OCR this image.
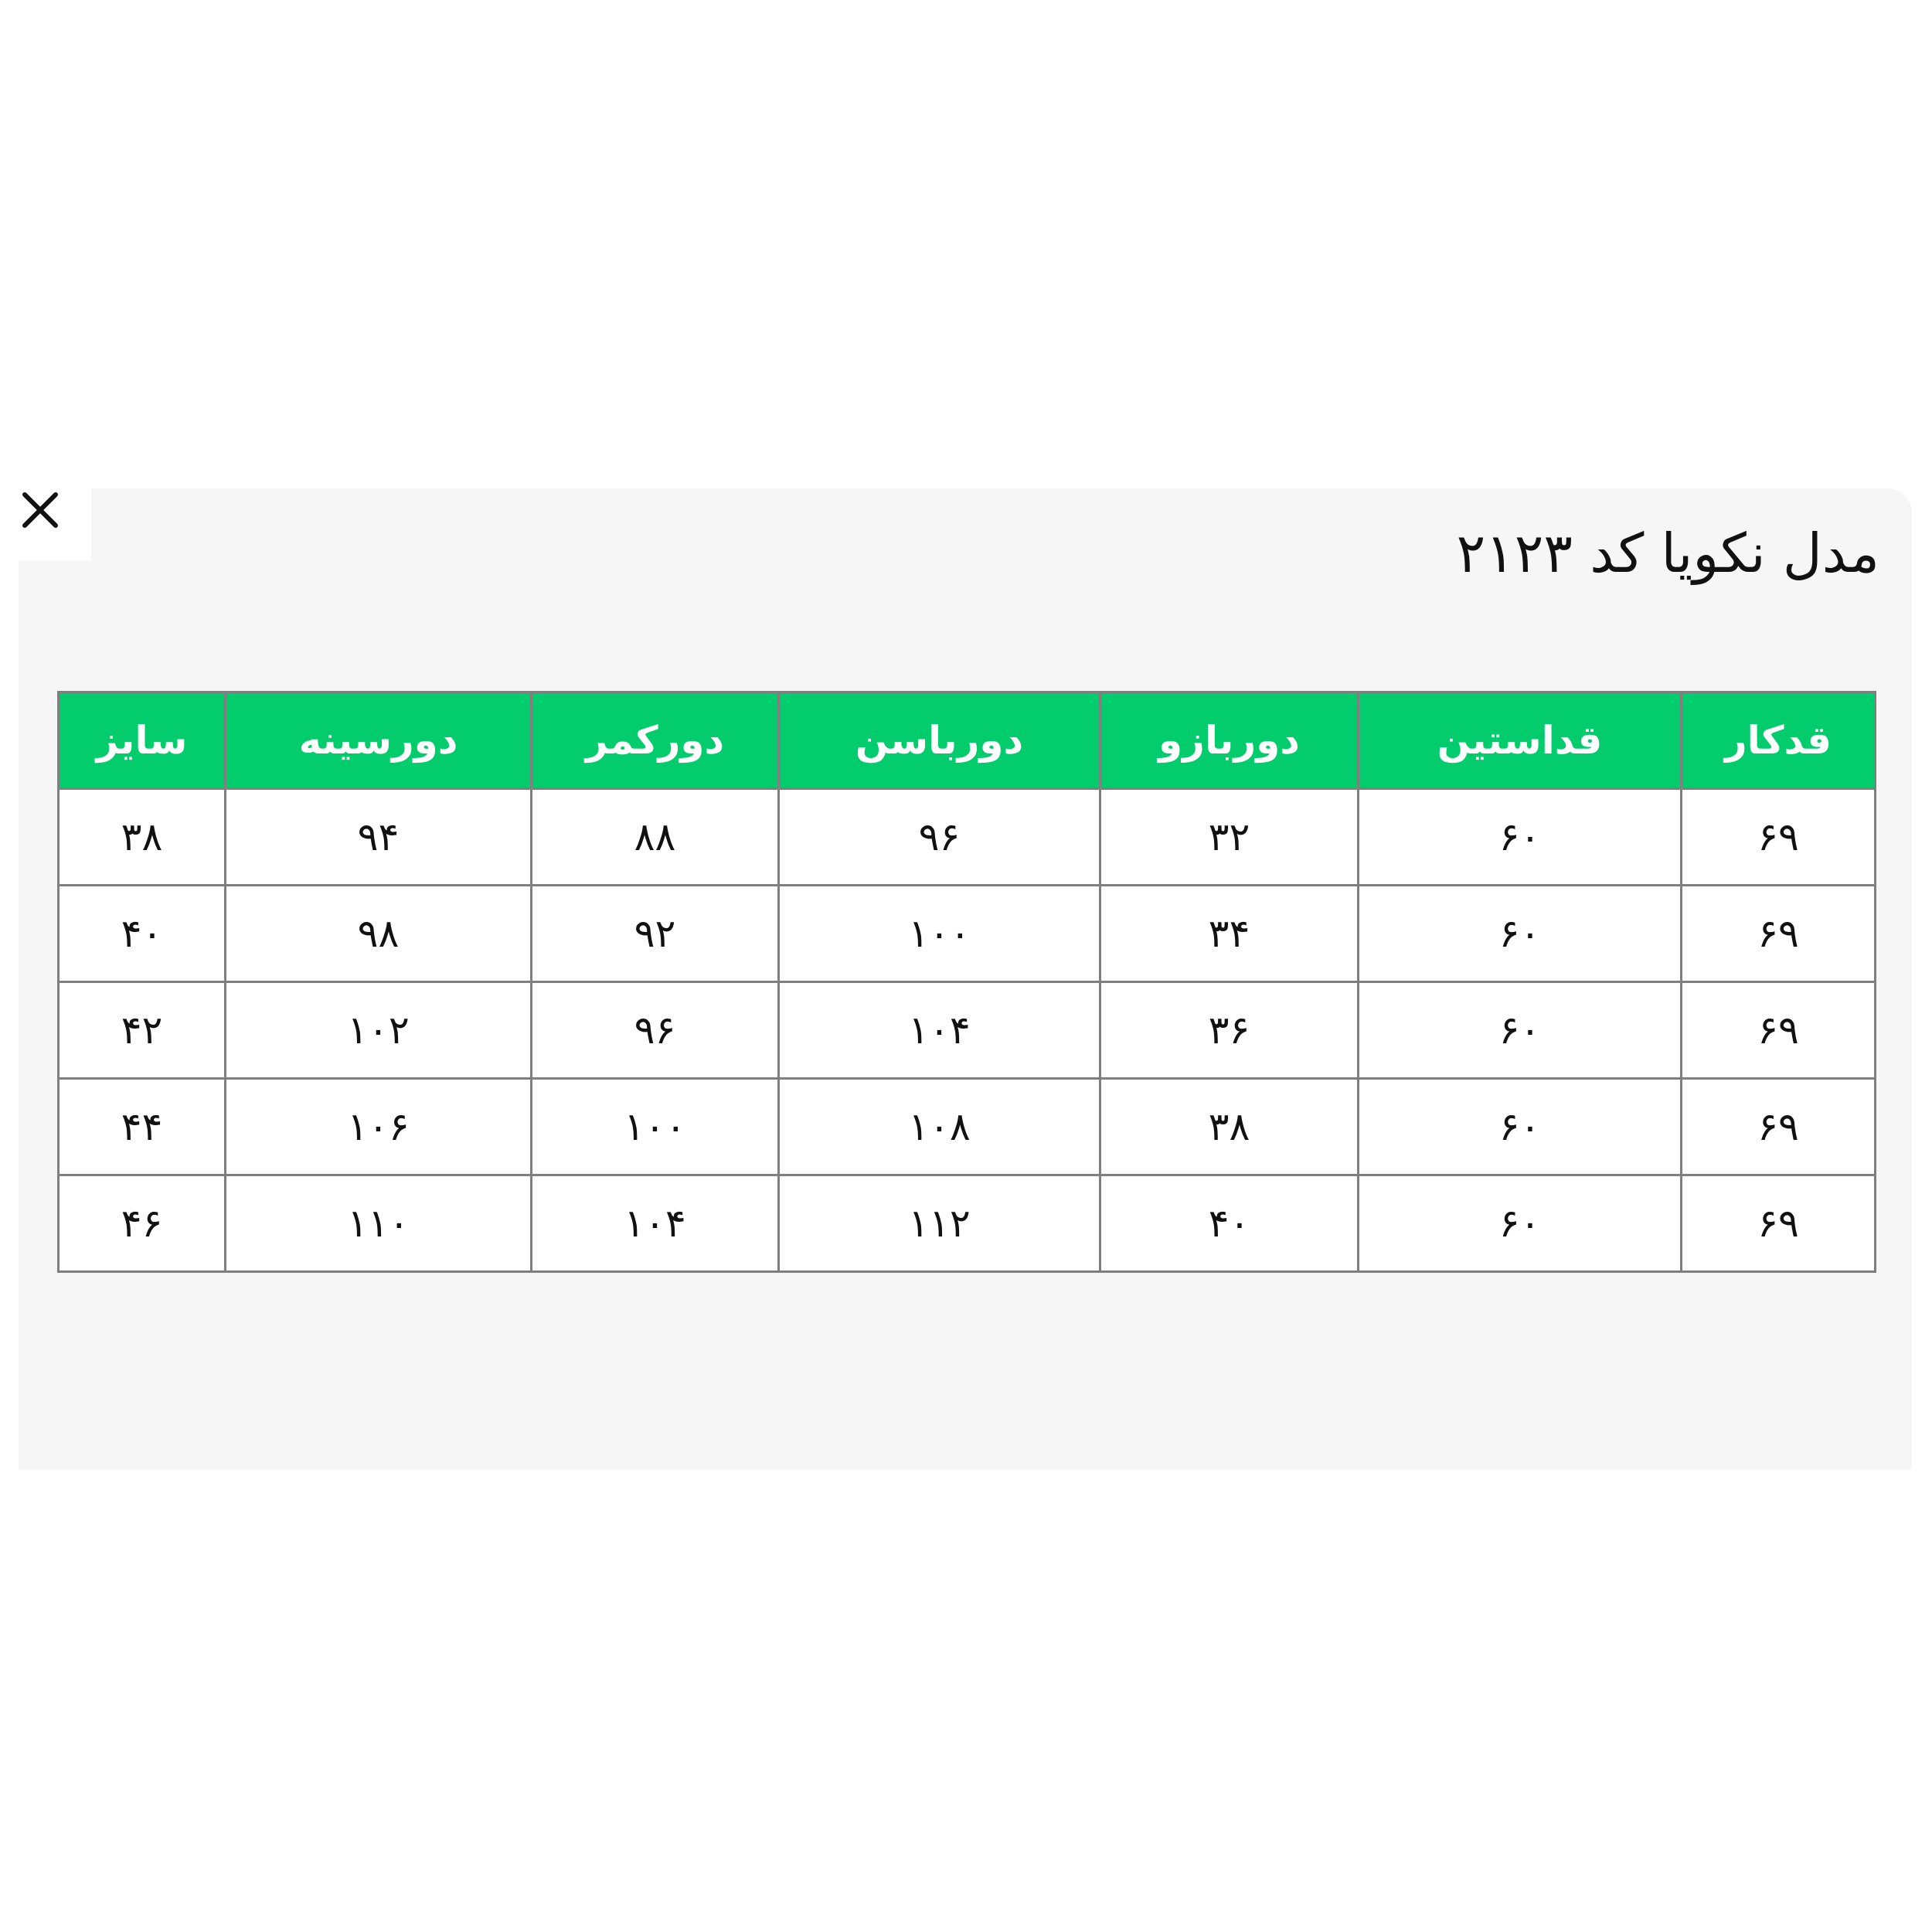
مدل نکویا کد ۲۱۲۳
قدکار	قداستین	دوربازو	دورباسن	دورکمر	دورسینه	سایز
۶۹	۶۰	۳۲	۹۶	۸۸	۹۴	۳۸
۶۹	۶۰	۳۴	۱۰۰	۹۲	۹۸	۴۰
۶۹	۶۰	۳۶	۱۰۴	۹۶	۱۰۲	۴۲
۶۹	۶۰	۳۸	۱۰۸	۱۰۰	۱۰۶	۴۴
۶۹	۶۰	۴۰	۱۱۲	۱۰۴	۱۱۰	۴۶
